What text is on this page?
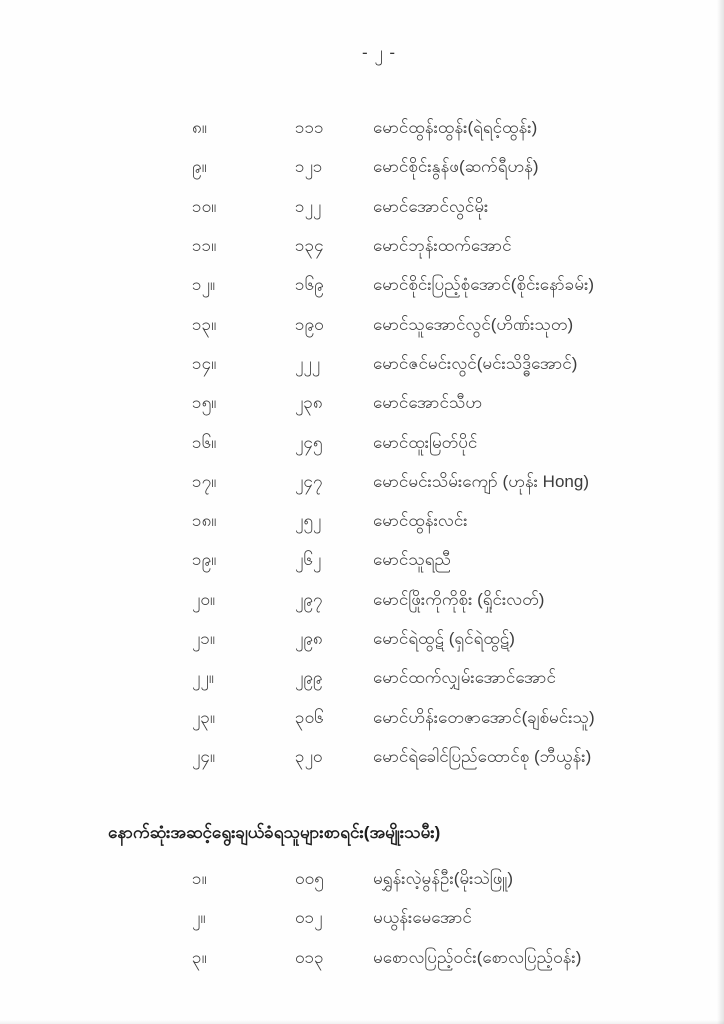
- ၂ -
၈။	၁၁၁	မောင်ထွန်းထွန်း(ရဲရင့်ထွန်း)
၉။	၁၂၁	မောင်စိုင်းနွန်ဖ(ဆက်ရီဟန်)
၁၀။	၁၂၂	မောင်အောင်လွင်မိုး
၁၁။	၁၃၄	မောင်ဘုန်းထက်အောင်
၁၂။	၁၆၉	မောင်စိုင်းပြည့်စုံအောင်(စိုင်းနော်ခမ်း)
၁၃။	၁၉၀	မောင်သူအောင်လွင်(ဟိဏ်းသုတ)
၁၄။	၂၂၂	မောင်ဇင်မင်းလွင်(မင်းသိဒ္ဓိအောင်)
၁၅။	၂၃၈	မောင်အောင်သီဟ
၁၆။	၂၄၅	မောင်ထူးမြတ်ပိုင်
၁၇။	၂၄၇	မောင်မင်းသိမ်းကျော် (ဟုန်း Hong)
၁၈။	၂၅၂	မောင်ထွန်းလင်း
၁၉။	၂၆၂	မောင်သူရညီ
၂၀။	၂၉၇	မောင်ဖြိုးကိုကိုစိုး (ရှိုင်းလတ်)
၂၁။	၂၉၈	မောင်ရဲထွဋ် (ရှင်ရဲထွဋ်)
၂၂။	၂၉၉	မောင်ထက်လျှမ်းအောင်အောင်
၂၃။	၃၀၆	မောင်ဟိန်းတေဇာအောင်(ချစ်မင်းသူ)
၂၄။	၃၂၀	မောင်ရဲခေါင်ပြည်ထောင်စု (ဘီယွန်း)
နောက်ဆုံးအဆင့်ရွေးချယ်ခံရသူများစာရင်း(အမျိုးသမီး)
၁။	၀၀၅	မရွှန်းလဲ့မွန်ဦး(မိုးသဲဖြူ)
၂။	၀၁၂	မယွန်းမေအောင်
၃။	၀၁၃	မစောလပြည့်ဝင်း(စောလပြည့်ဝန်း)
